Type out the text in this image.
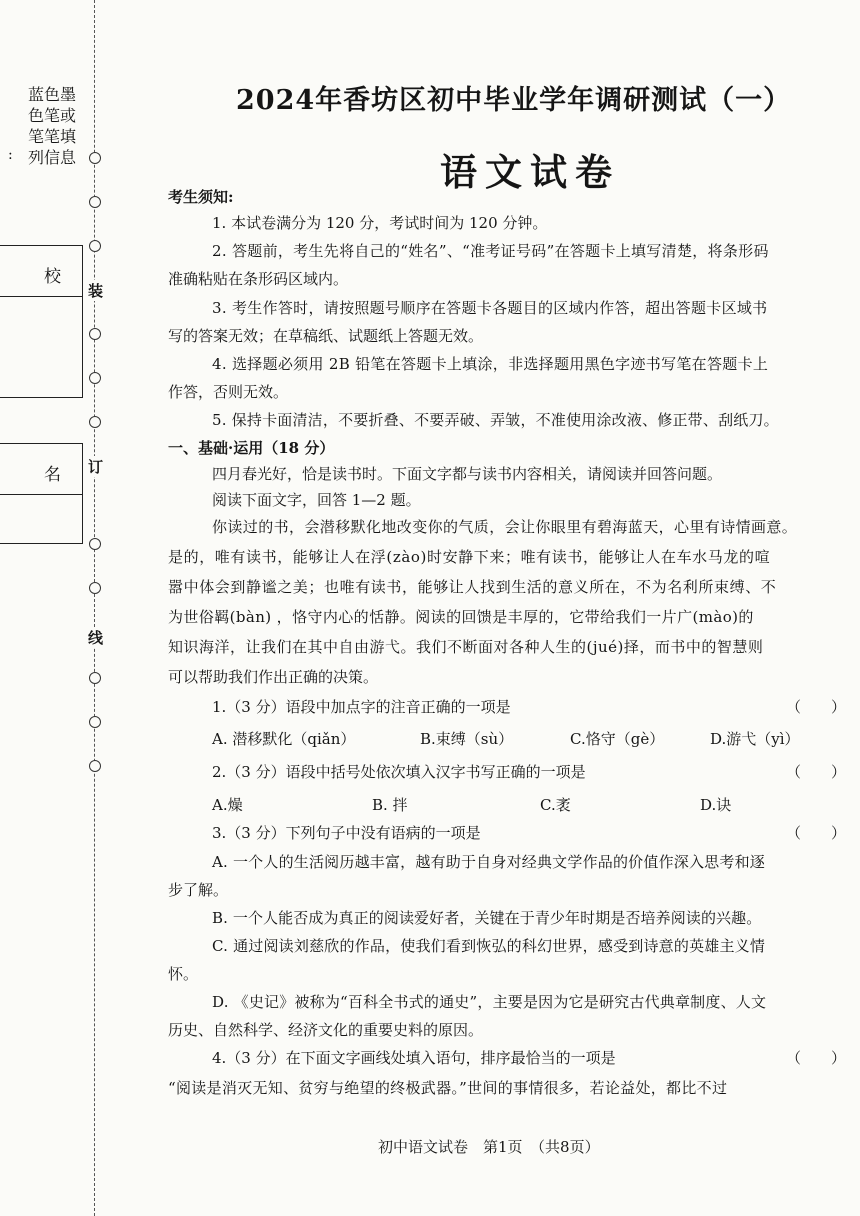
蓝
色
笔
列
:
色
笔
笔
信
墨
或
填
息
校
名
装
订
线
2024年香坊区初中毕业学年调研测试（一）
语文试卷
考生须知:
1. 本试卷满分为 120 分，考试时间为 120 分钟。
2. 答题前，考生先将自己的“姓名”、“准考证号码”在答题卡上填写清楚，将条形码
准确粘贴在条形码区域内。
3. 考生作答时，请按照题号顺序在答题卡各题目的区域内作答，超出答题卡区域书
写的答案无效；在草稿纸、试题纸上答题无效。
4. 选择题必须用 2B 铅笔在答题卡上填涂，非选择题用黑色字迹书写笔在答题卡上
作答，否则无效。
5. 保持卡面清洁，不要折叠、不要弄破、弄皱，不准使用涂改液、修正带、刮纸刀。
一、基础·运用（18 分）
四月春光好，恰是读书时。下面文字都与读书内容相关，请阅读并回答问题。
阅读下面文字，回答 1—2 题。
你读过的书，会潜移默化地改变你的气质，会让你眼里有碧海蓝天，心里有诗情画意。
是的，唯有读书，能够让人在浮(zào)时安静下来；唯有读书，能够让人在车水马龙的喧
嚣中体会到静谧之美；也唯有读书，能够让人找到生活的意义所在，不为名利所束缚、不
为世俗羁(bàn) ，恪守内心的恬静。阅读的回馈是丰厚的，它带给我们一片广(mào)的
知识海洋，让我们在其中自由游弋。我们不断面对各种人生的(jué)择，而书中的智慧则
可以帮助我们作出正确的决策。
1.（3 分）语段中加点字的注音正确的一项是	（　　）
A. 潜移默化（qiǎn）	B.束缚（sù）	C.恪守（gè）	D.游弋（yì）
2.（3 分）语段中括号处依次填入汉字书写正确的一项是	（　　）
A.燥	B. 拌	C.袤	D.诀
3.（3 分）下列句子中没有语病的一项是	（　　）
A. 一个人的生活阅历越丰富，越有助于自身对经典文学作品的价值作深入思考和逐
步了解。
B. 一个人能否成为真正的阅读爱好者，关键在于青少年时期是否培养阅读的兴趣。
C. 通过阅读刘慈欣的作品，使我们看到恢弘的科幻世界，感受到诗意的英雄主义情
怀。
D. 《史记》被称为“百科全书式的通史”，主要是因为它是研究古代典章制度、人文
历史、自然科学、经济文化的重要史料的原因。
4.（3 分）在下面文字画线处填入语句，排序最恰当的一项是	（　　）
“阅读是消灭无知、贫穷与绝望的终极武器。”世间的事情很多，若论益处，都比不过
初中语文试卷　第1页　（共8页）
